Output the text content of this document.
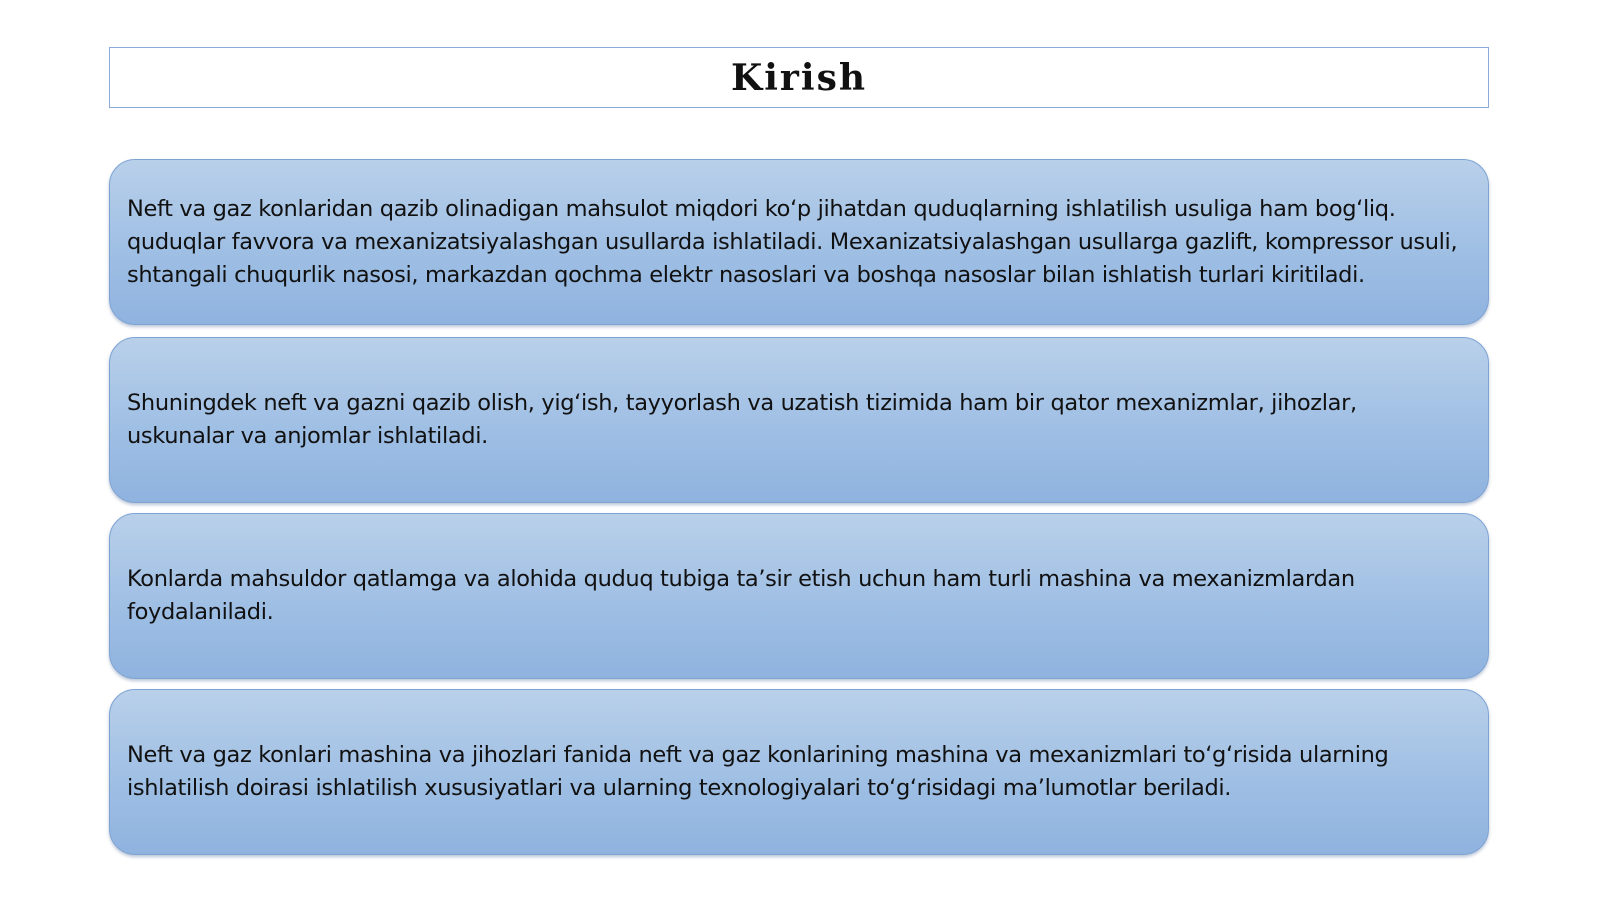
Kirish

Neft va gaz konlaridan qazib olinadigan mahsulot miqdori ko‘p jihatdan quduqlarning ishlatilish usuliga ham bog‘liq. quduqlar favvora va mexanizatsiyalashgan usullarda ishlatiladi. Mexanizatsiyalashgan usullarga gazlift, kompressor usuli, shtangali chuqurlik nasosi, markazdan qochma elektr nasoslari va boshqa nasoslar bilan ishlatish turlari kiritiladi.

Shuningdek neft va gazni qazib olish, yig‘ish, tayyorlash va uzatish tizimida ham bir qator mexanizmlar, jihozlar, uskunalar va anjomlar ishlatiladi.

Konlarda mahsuldor qatlamga va alohida quduq tubiga ta’sir etish uchun ham turli mashina va mexanizmlardan foydalaniladi.

Neft va gaz konlari mashina va jihozlari fanida neft va gaz konlarining mashina va mexanizmlari to‘g‘risida ularning ishlatilish doirasi ishlatilish xususiyatlari va ularning texnologiyalari to‘g‘risidagi ma’lumotlar beriladi.
